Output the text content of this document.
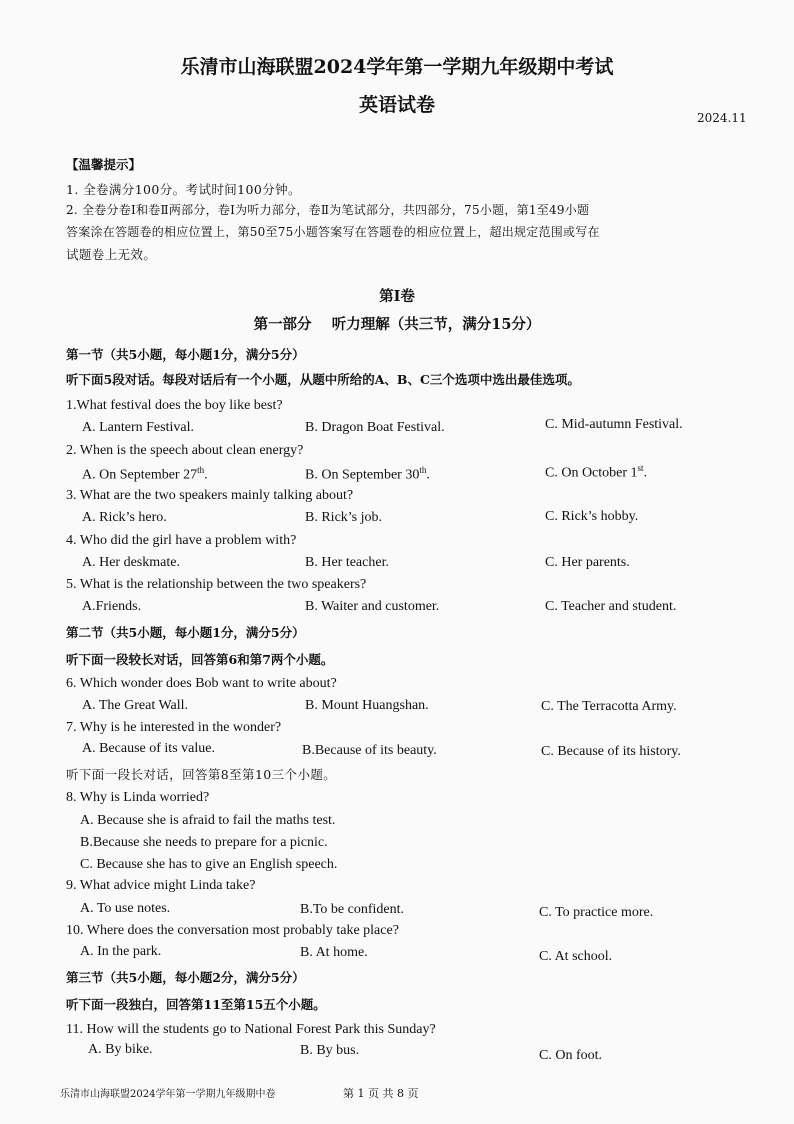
乐清市山海联盟2024学年第一学期九年级期中考试
英语试卷
2024.11
【温馨提示】
1. 全卷满分100分。考试时间100分钟。
2. 全卷分卷Ⅰ和卷Ⅱ两部分，卷Ⅰ为听力部分，卷Ⅱ为笔试部分，共四部分，75小题，第1至49小题
答案涂在答题卷的相应位置上，第50至75小题答案写在答题卷的相应位置上，超出规定范围或写在
试题卷上无效。
第Ⅰ卷
第一部分    听力理解（共三节，满分15分）
第一节（共5小题，每小题1分，满分5分）
听下面5段对话。每段对话后有一个小题，从题中所给的A、B、C三个选项中选出最佳选项。
1.What festival does the boy like best?
A. Lantern Festival.	B. Dragon Boat Festival.	C. Mid-autumn Festival.
2. When is the speech about clean energy?
A. On September 27th.	B. On September 30th.	C. On October 1st.
3. What are the two speakers mainly talking about?
A. Rick’s hero.	B. Rick’s job.	C. Rick’s hobby.
4. Who did the girl have a problem with?
A. Her deskmate.	B. Her teacher.	C. Her parents.
5. What is the relationship between the two speakers?
A.Friends.	B. Waiter and customer.	C. Teacher and student.
第二节（共5小题，每小题1分，满分5分）
听下面一段较长对话，回答第6和第7两个小题。
6. Which wonder does Bob want to write about?
A. The Great Wall.	B. Mount Huangshan.	C. The Terracotta Army.
7. Why is he interested in the wonder?
A. Because of its value.	B.Because of its beauty.	C. Because of its history.
听下面一段长对话，回答第8至第10三个小题。
8. Why is Linda worried?
A. Because she is afraid to fail the maths test.
B.Because she needs to prepare for a picnic.
C. Because she has to give an English speech.
9. What advice might Linda take?
A. To use notes.	B.To be confident.	C. To practice more.
10. Where does the conversation most probably take place?
A. In the park.	B. At home.	C. At school.
第三节（共5小题，每小题2分，满分5分）
听下面一段独白，回答第11至第15五个小题。
11. How will the students go to National Forest Park this Sunday?
A. By bike.	B. By bus.	C. On foot.
乐清市山海联盟2024学年第一学期九年级期中卷	第 1 页 共 8 页
